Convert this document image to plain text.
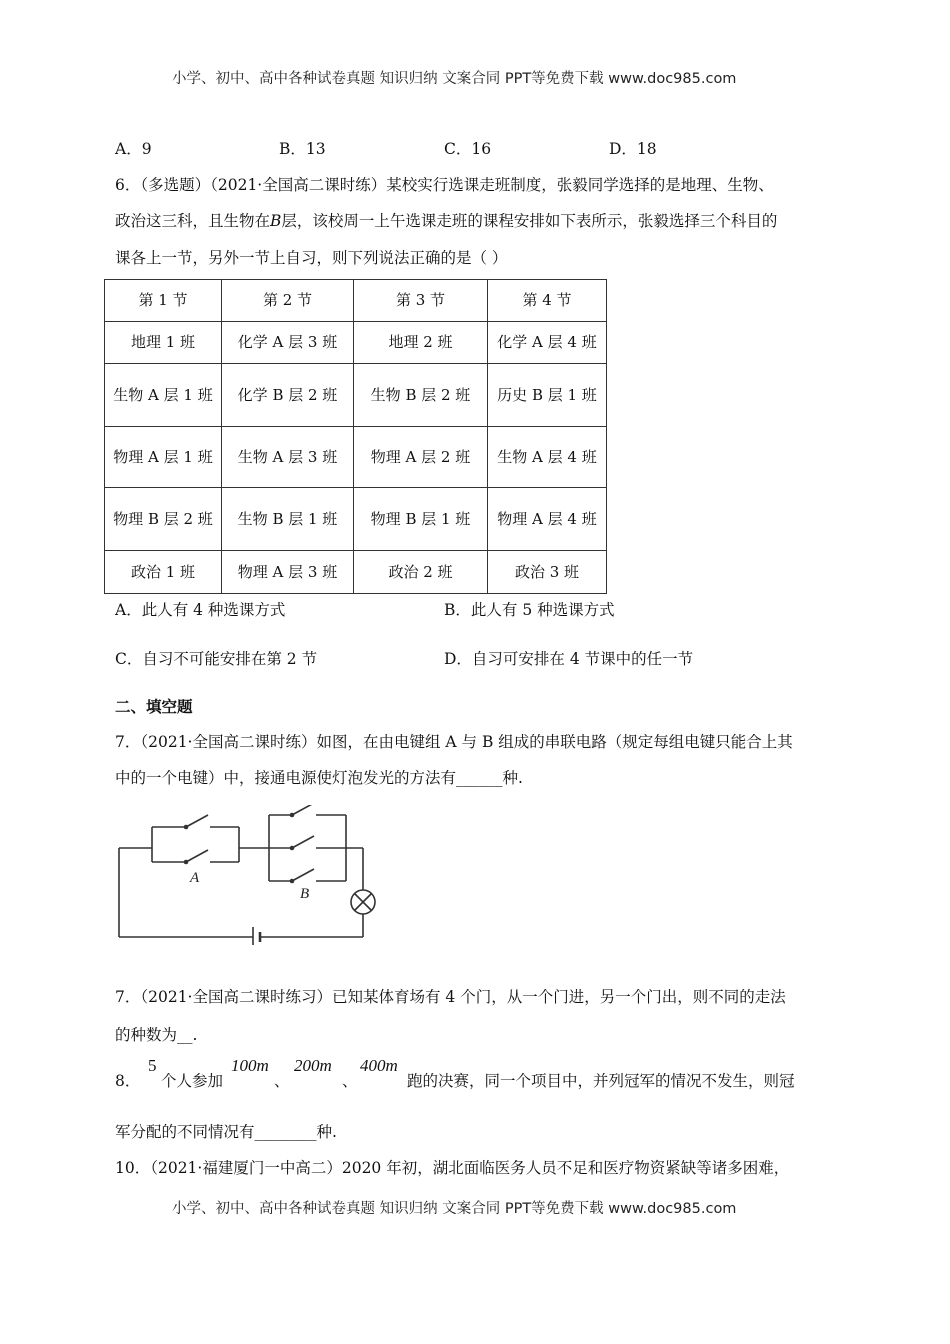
小学、初中、高中各种试卷真题 知识归纳 文案合同 PPT等免费下载 www.doc985.com
A．9	B．13	C．16	D．18
6．（多选题）（2021·全国高二课时练）某校实行选课走班制度，张毅同学选择的是地理、生物、
政治这三科，且生物在B层，该校周一上午选课走班的课程安排如下表所示，张毅选择三个科目的
课各上一节，另外一节上自习，则下列说法正确的是（ ）
第 1 节	第 2 节	第 3 节	第 4 节
地理 1 班	化学 A 层 3 班	地理 2 班	化学 A 层 4 班
生物 A 层 1 班	化学 B 层 2 班	生物 B 层 2 班	历史 B 层 1 班
物理 A 层 1 班	生物 A 层 3 班	物理 A 层 2 班	生物 A 层 4 班
物理 B 层 2 班	生物 B 层 1 班	物理 B 层 1 班	物理 A 层 4 班
政治 1 班	物理 A 层 3 班	政治 2 班	政治 3 班
A．此人有 4 种选课方式	B．此人有 5 种选课方式
C．自习不可能安排在第 2 节	D．自习可安排在 4 节课中的任一节
二、填空题
7．（2021·全国高二课时练）如图，在由电键组 A 与 B 组成的串联电路（规定每组电键只能合上其
中的一个电键）中，接通电源使灯泡发光的方法有______种.
A
B
7．（2021·全国高二课时练习）已知某体育场有 4 个门，从一个门进，另一个门出，则不同的走法
的种数为__.
8．
5
个人参加
100m
、
200m
、
400m
跑的决赛，同一个项目中，并列冠军的情况不发生，则冠
军分配的不同情况有________种.
10．（2021·福建厦门一中高二）2020 年初，湖北面临医务人员不足和医疗物资紧缺等诸多困难，
小学、初中、高中各种试卷真题 知识归纳 文案合同 PPT等免费下载 www.doc985.com
